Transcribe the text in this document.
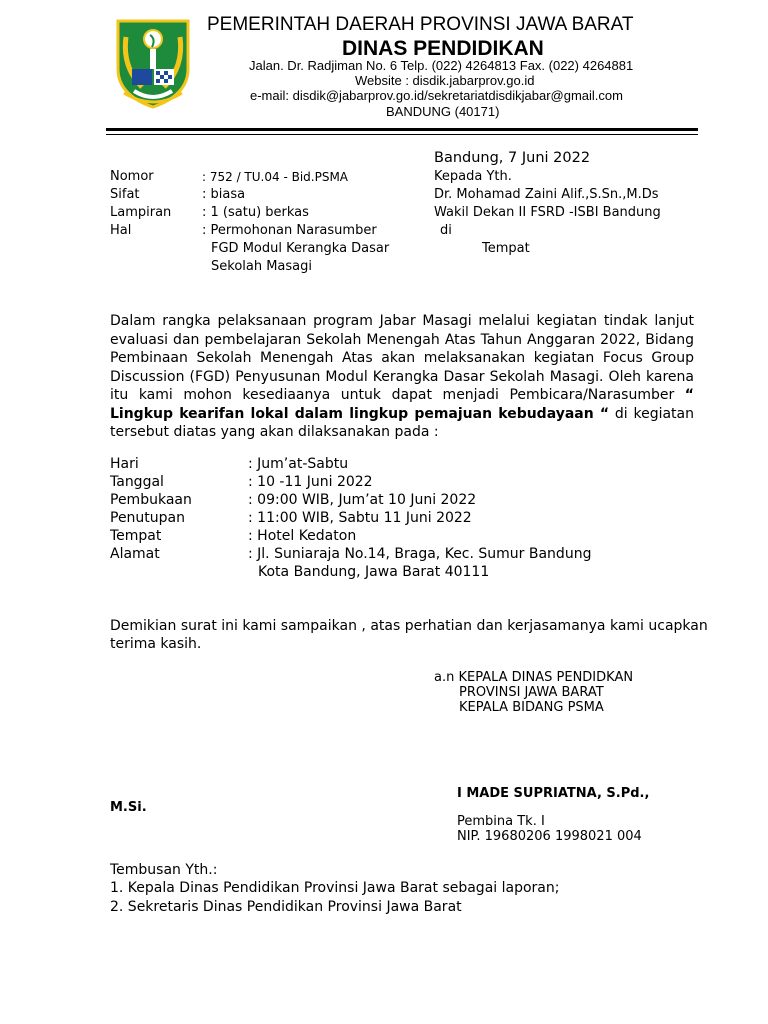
PEMERINTAH DAERAH PROVINSI JAWA BARAT
DINAS PENDIDIKAN
Jalan. Dr. Radjiman No. 6 Telp. (022) 4264813 Fax. (022) 4264881
Website : disdik.jabarprov.go.id
e-mail: disdik@jabarprov.go.id/sekretariatdisdikjabar@gmail.com
BANDUNG (40171)
Bandung, 7 Juni 2022
Nomor	: 752 / TU.04 - Bid.PSMA
Sifat	: biasa
Lampiran : 1 (satu) berkas
Hal	: Permohonan Narasumber
FGD Modul Kerangka Dasar
Sekolah Masagi
Kepada Yth.
Dr. Mohamad Zaini Alif.,S.Sn.,M.Ds
Wakil Dekan II FSRD -ISBI Bandung
di
Tempat
Dalam rangka pelaksanaan program Jabar Masagi melalui kegiatan tindak lanjut evaluasi dan pembelajaran Sekolah Menengah Atas Tahun Anggaran 2022, Bidang Pembinaan Sekolah Menengah Atas akan melaksanakan kegiatan Focus Group Discussion (FGD) Penyusunan Modul Kerangka Dasar Sekolah Masagi. Oleh karena itu kami mohon kesediaanya untuk dapat menjadi Pembicara/Narasumber “ Lingkup kearifan lokal dalam lingkup pemajuan kebudayaan “ di kegiatan tersebut diatas yang akan dilaksanakan pada :
Hari	: Jum’at-Sabtu
Tanggal	: 10 -11 Juni 2022
Pembukaan	: 09:00 WIB, Jum’at 10 Juni 2022
Penutupan	: 11:00 WIB, Sabtu 11 Juni 2022
Tempat	: Hotel Kedaton
Alamat	: Jl. Suniaraja No.14, Braga, Kec. Sumur Bandung
Kota Bandung, Jawa Barat 40111
Demikian surat ini kami sampaikan , atas perhatian dan kerjasamanya kami ucapkan
terima kasih.
a.n KEPALA DINAS PENDIDKAN
PROVINSI JAWA BARAT
KEPALA BIDANG PSMA
I MADE SUPRIATNA, S.Pd.,
M.Si.
Pembina Tk. I
NIP. 19680206 1998021 004
Tembusan Yth.:
1. Kepala Dinas Pendidikan Provinsi Jawa Barat sebagai laporan;
2. Sekretaris Dinas Pendidikan Provinsi Jawa Barat
